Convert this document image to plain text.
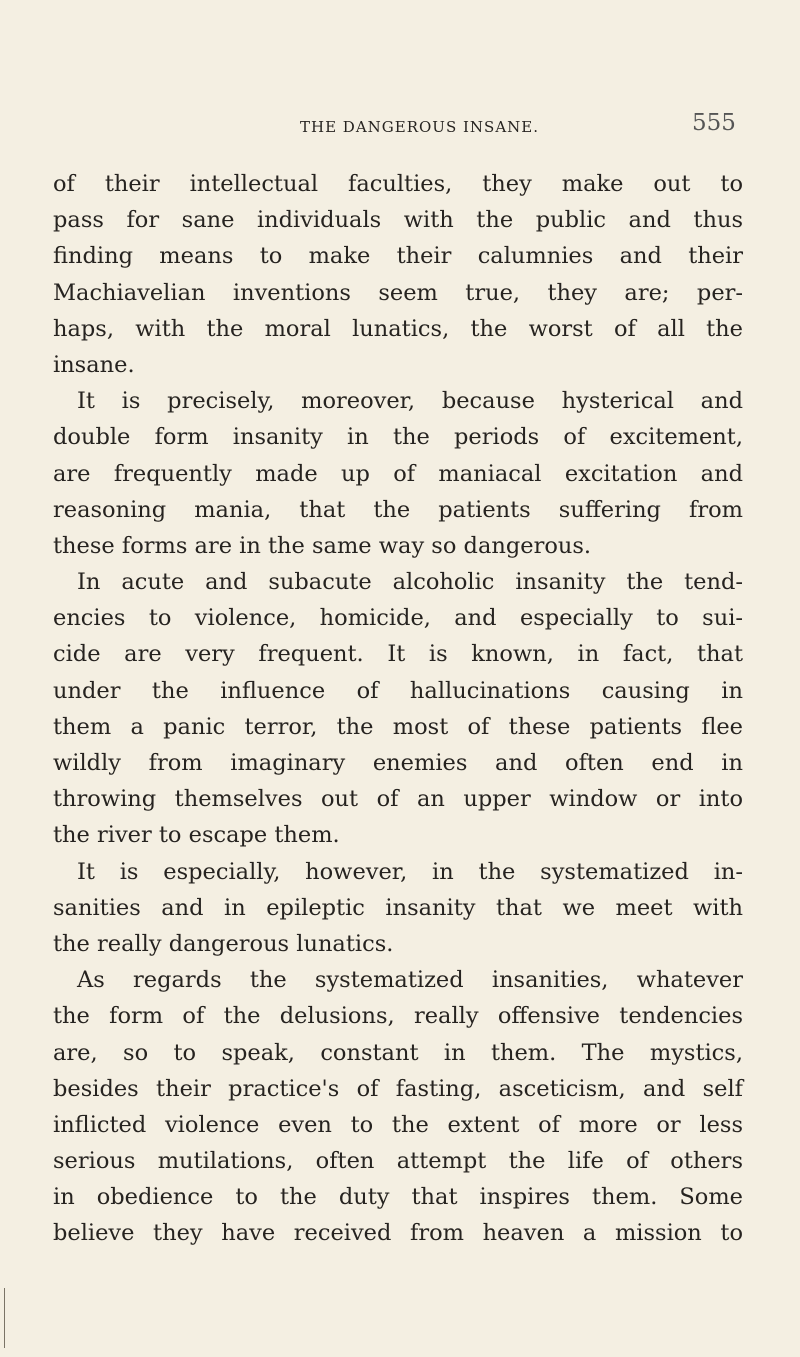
THE DANGEROUS INSANE.	555
of their intellectual faculties, they make out to
pass for sane individuals with the public and thus
finding means to make their calumnies and their
Machiavelian inventions seem true, they are; per-
haps, with the moral lunatics, the worst of all the
insane.
It is precisely, moreover, because hysterical and
double form insanity in the periods of excitement,
are frequently made up of maniacal excitation and
reasoning mania, that the patients suffering from
these forms are in the same way so dangerous.
In acute and subacute alcoholic insanity the tend-
encies to violence, homicide, and especially to sui-
cide are very frequent. It is known, in fact, that
under the influence of hallucinations causing in
them a panic terror, the most of these patients flee
wildly from imaginary enemies and often end in
throwing themselves out of an upper window or into
the river to escape them.
It is especially, however, in the systematized in-
sanities and in epileptic insanity that we meet with
the really dangerous lunatics.
As regards the systematized insanities, whatever
the form of the delusions, really offensive tendencies
are, so to speak, constant in them. The mystics,
besides their practice's of fasting, asceticism, and self
inflicted violence even to the extent of more or less
serious mutilations, often attempt the life of others
in obedience to the duty that inspires them. Some
believe they have received from heaven a mission to
